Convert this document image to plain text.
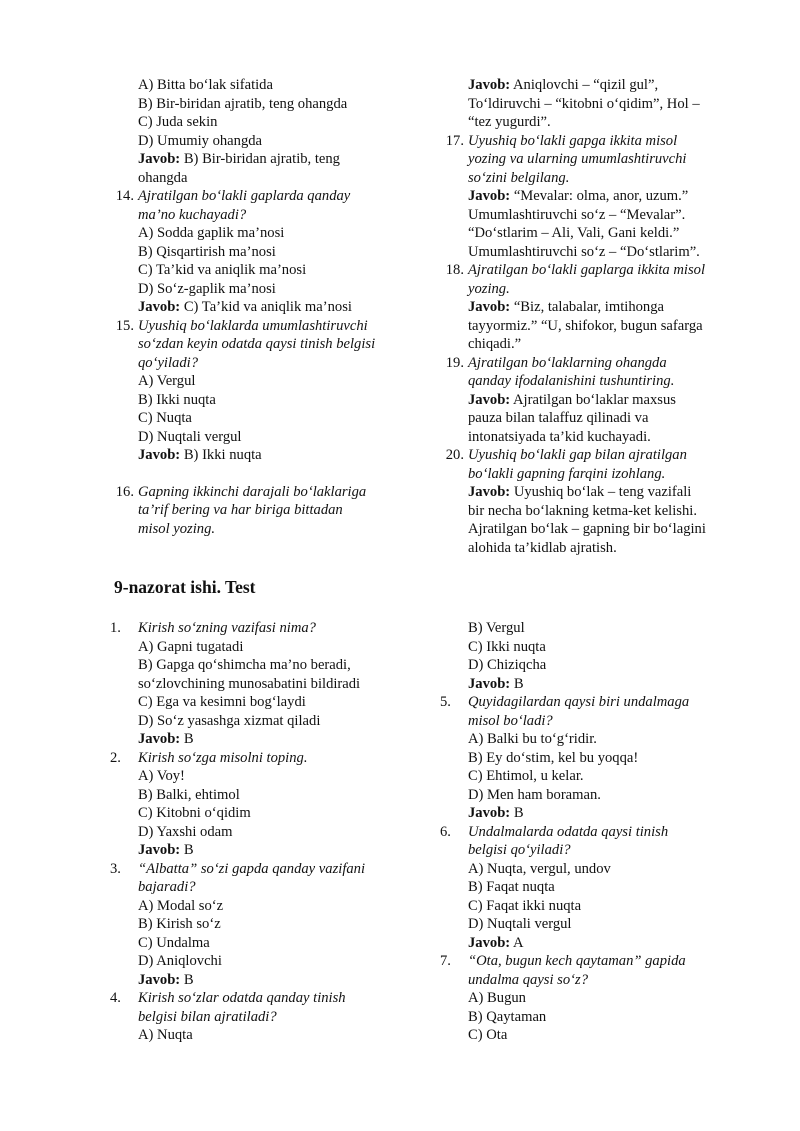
A) Bitta bo‘lak sifatida
B) Bir-biridan ajratib, teng ohangda
C) Juda sekin
D) Umumiy ohangda
Javob: B) Bir-biridan ajratib, teng
ohangda
14. Ajratilgan bo‘lakli gaplarda qanday
ma’no kuchayadi?
A) Sodda gaplik ma’nosi
B) Qisqartirish ma’nosi
C) Ta’kid va aniqlik ma’nosi
D) So‘z-gaplik ma’nosi
Javob: C) Ta’kid va aniqlik ma’nosi
15. Uyushiq bo‘laklarda umumlashtiruvchi
so‘zdan keyin odatda qaysi tinish belgisi
qo‘yiladi?
A) Vergul
B) Ikki nuqta
C) Nuqta
D) Nuqtali vergul
Javob: B) Ikki nuqta
16. Gapning ikkinchi darajali bo‘laklariga
ta’rif bering va har biriga bittadan
misol yozing.
Javob: Aniqlovchi – “qizil gul”,
To‘ldiruvchi – “kitobni o‘qidim”, Hol –
“tez yugurdi”.
17. Uyushiq bo‘lakli gapga ikkita misol
yozing va ularning umumlashtiruvchi
so‘zini belgilang.
Javob: “Mevalar: olma, anor, uzum.”
Umumlashtiruvchi so‘z – “Mevalar”.
“Do‘stlarim – Ali, Vali, Gani keldi.”
Umumlashtiruvchi so‘z – “Do‘stlarim”.
18. Ajratilgan bo‘lakli gaplarga ikkita misol
yozing.
Javob: “Biz, talabalar, imtihonga
tayyormiz.” “U, shifokor, bugun safarga
chiqadi.”
19. Ajratilgan bo‘laklarning ohangda
qanday ifodalanishini tushuntiring.
Javob: Ajratilgan bo‘laklar maxsus
pauza bilan talaffuz qilinadi va
intonatsiyada ta’kid kuchayadi.
20. Uyushiq bo‘lakli gap bilan ajratilgan
bo‘lakli gapning farqini izohlang.
Javob: Uyushiq bo‘lak – teng vazifali
bir necha bo‘lakning ketma-ket kelishi.
Ajratilgan bo‘lak – gapning bir bo‘lagini
alohida ta’kidlab ajratish.
9-nazorat ishi. Test
1. Kirish so‘zning vazifasi nima?
A) Gapni tugatadi
B) Gapga qo‘shimcha ma’no beradi,
so‘zlovchining munosabatini bildiradi
C) Ega va kesimni bog‘laydi
D) So‘z yasashga xizmat qiladi
Javob: B
2. Kirish so‘zga misolni toping.
A) Voy!
B) Balki, ehtimol
C) Kitobni o‘qidim
D) Yaxshi odam
Javob: B
3. “Albatta” so‘zi gapda qanday vazifani
bajaradi?
A) Modal so‘z
B) Kirish so‘z
C) Undalma
D) Aniqlovchi
Javob: B
4. Kirish so‘zlar odatda qanday tinish
belgisi bilan ajratiladi?
A) Nuqta
B) Vergul
C) Ikki nuqta
D) Chiziqcha
Javob: B
5. Quyidagilardan qaysi biri undalmaga
misol bo‘ladi?
A) Balki bu to‘g‘ridir.
B) Ey do‘stim, kel bu yoqqa!
C) Ehtimol, u kelar.
D) Men ham boraman.
Javob: B
6. Undalmalarda odatda qaysi tinish
belgisi qo‘yiladi?
A) Nuqta, vergul, undov
B) Faqat nuqta
C) Faqat ikki nuqta
D) Nuqtali vergul
Javob: A
7. “Ota, bugun kech qaytaman” gapida
undalma qaysi so‘z?
A) Bugun
B) Qaytaman
C) Ota
